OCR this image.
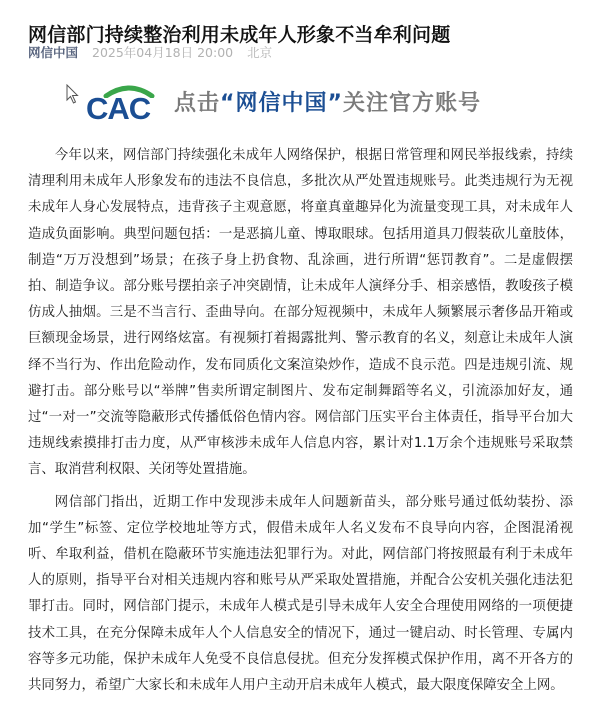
网信部门持续整治利用未成年人形象不当牟利问题
网信中国 2025年04月18日 20:00 北京
CAC	点击“网信中国”关注官方账号

今年以来，网信部门持续强化未成年人网络保护，根据日常管理和网民举报线索，持续清理利用未成年人形象发布的违法不良信息，多批次从严处置违规账号。此类违规行为无视未成年人身心发展特点，违背孩子主观意愿，将童真童趣异化为流量变现工具，对未成年人造成负面影响。典型问题包括：一是恶搞儿童、博取眼球。包括用道具刀假装砍儿童肢体，制造“万万没想到”场景；在孩子身上扔食物、乱涂画，进行所谓“惩罚教育”。二是虚假摆拍、制造争议。部分账号摆拍亲子冲突剧情，让未成年人演绎分手、相亲感悟，教唆孩子模仿成人抽烟。三是不当言行、歪曲导向。在部分短视频中，未成年人频繁展示奢侈品开箱或巨额现金场景，进行网络炫富。有视频打着揭露批判、警示教育的名义，刻意让未成年人演绎不当行为、作出危险动作，发布同质化文案渲染炒作，造成不良示范。四是违规引流、规避打击。部分账号以“举牌”售卖所谓定制图片、发布定制舞蹈等名义，引流添加好友，通过“一对一”交流等隐蔽形式传播低俗色情内容。网信部门压实平台主体责任，指导平台加大违规线索摸排打击力度，从严审核涉未成年人信息内容，累计对1.1万余个违规账号采取禁言、取消营利权限、关闭等处置措施。

网信部门指出，近期工作中发现涉未成年人问题新苗头，部分账号通过低幼装扮、添加“学生”标签、定位学校地址等方式，假借未成年人名义发布不良导向内容，企图混淆视听、牟取利益，借机在隐蔽环节实施违法犯罪行为。对此，网信部门将按照最有利于未成年人的原则，指导平台对相关违规内容和账号从严采取处置措施，并配合公安机关强化违法犯罪打击。同时，网信部门提示，未成年人模式是引导未成年人安全合理使用网络的一项便捷技术工具，在充分保障未成年人个人信息安全的情况下，通过一键启动、时长管理、专属内容等多元功能，保护未成年人免受不良信息侵扰。但充分发挥模式保护作用，离不开各方的共同努力，希望广大家长和未成年人用户主动开启未成年人模式，最大限度保障安全上网。
